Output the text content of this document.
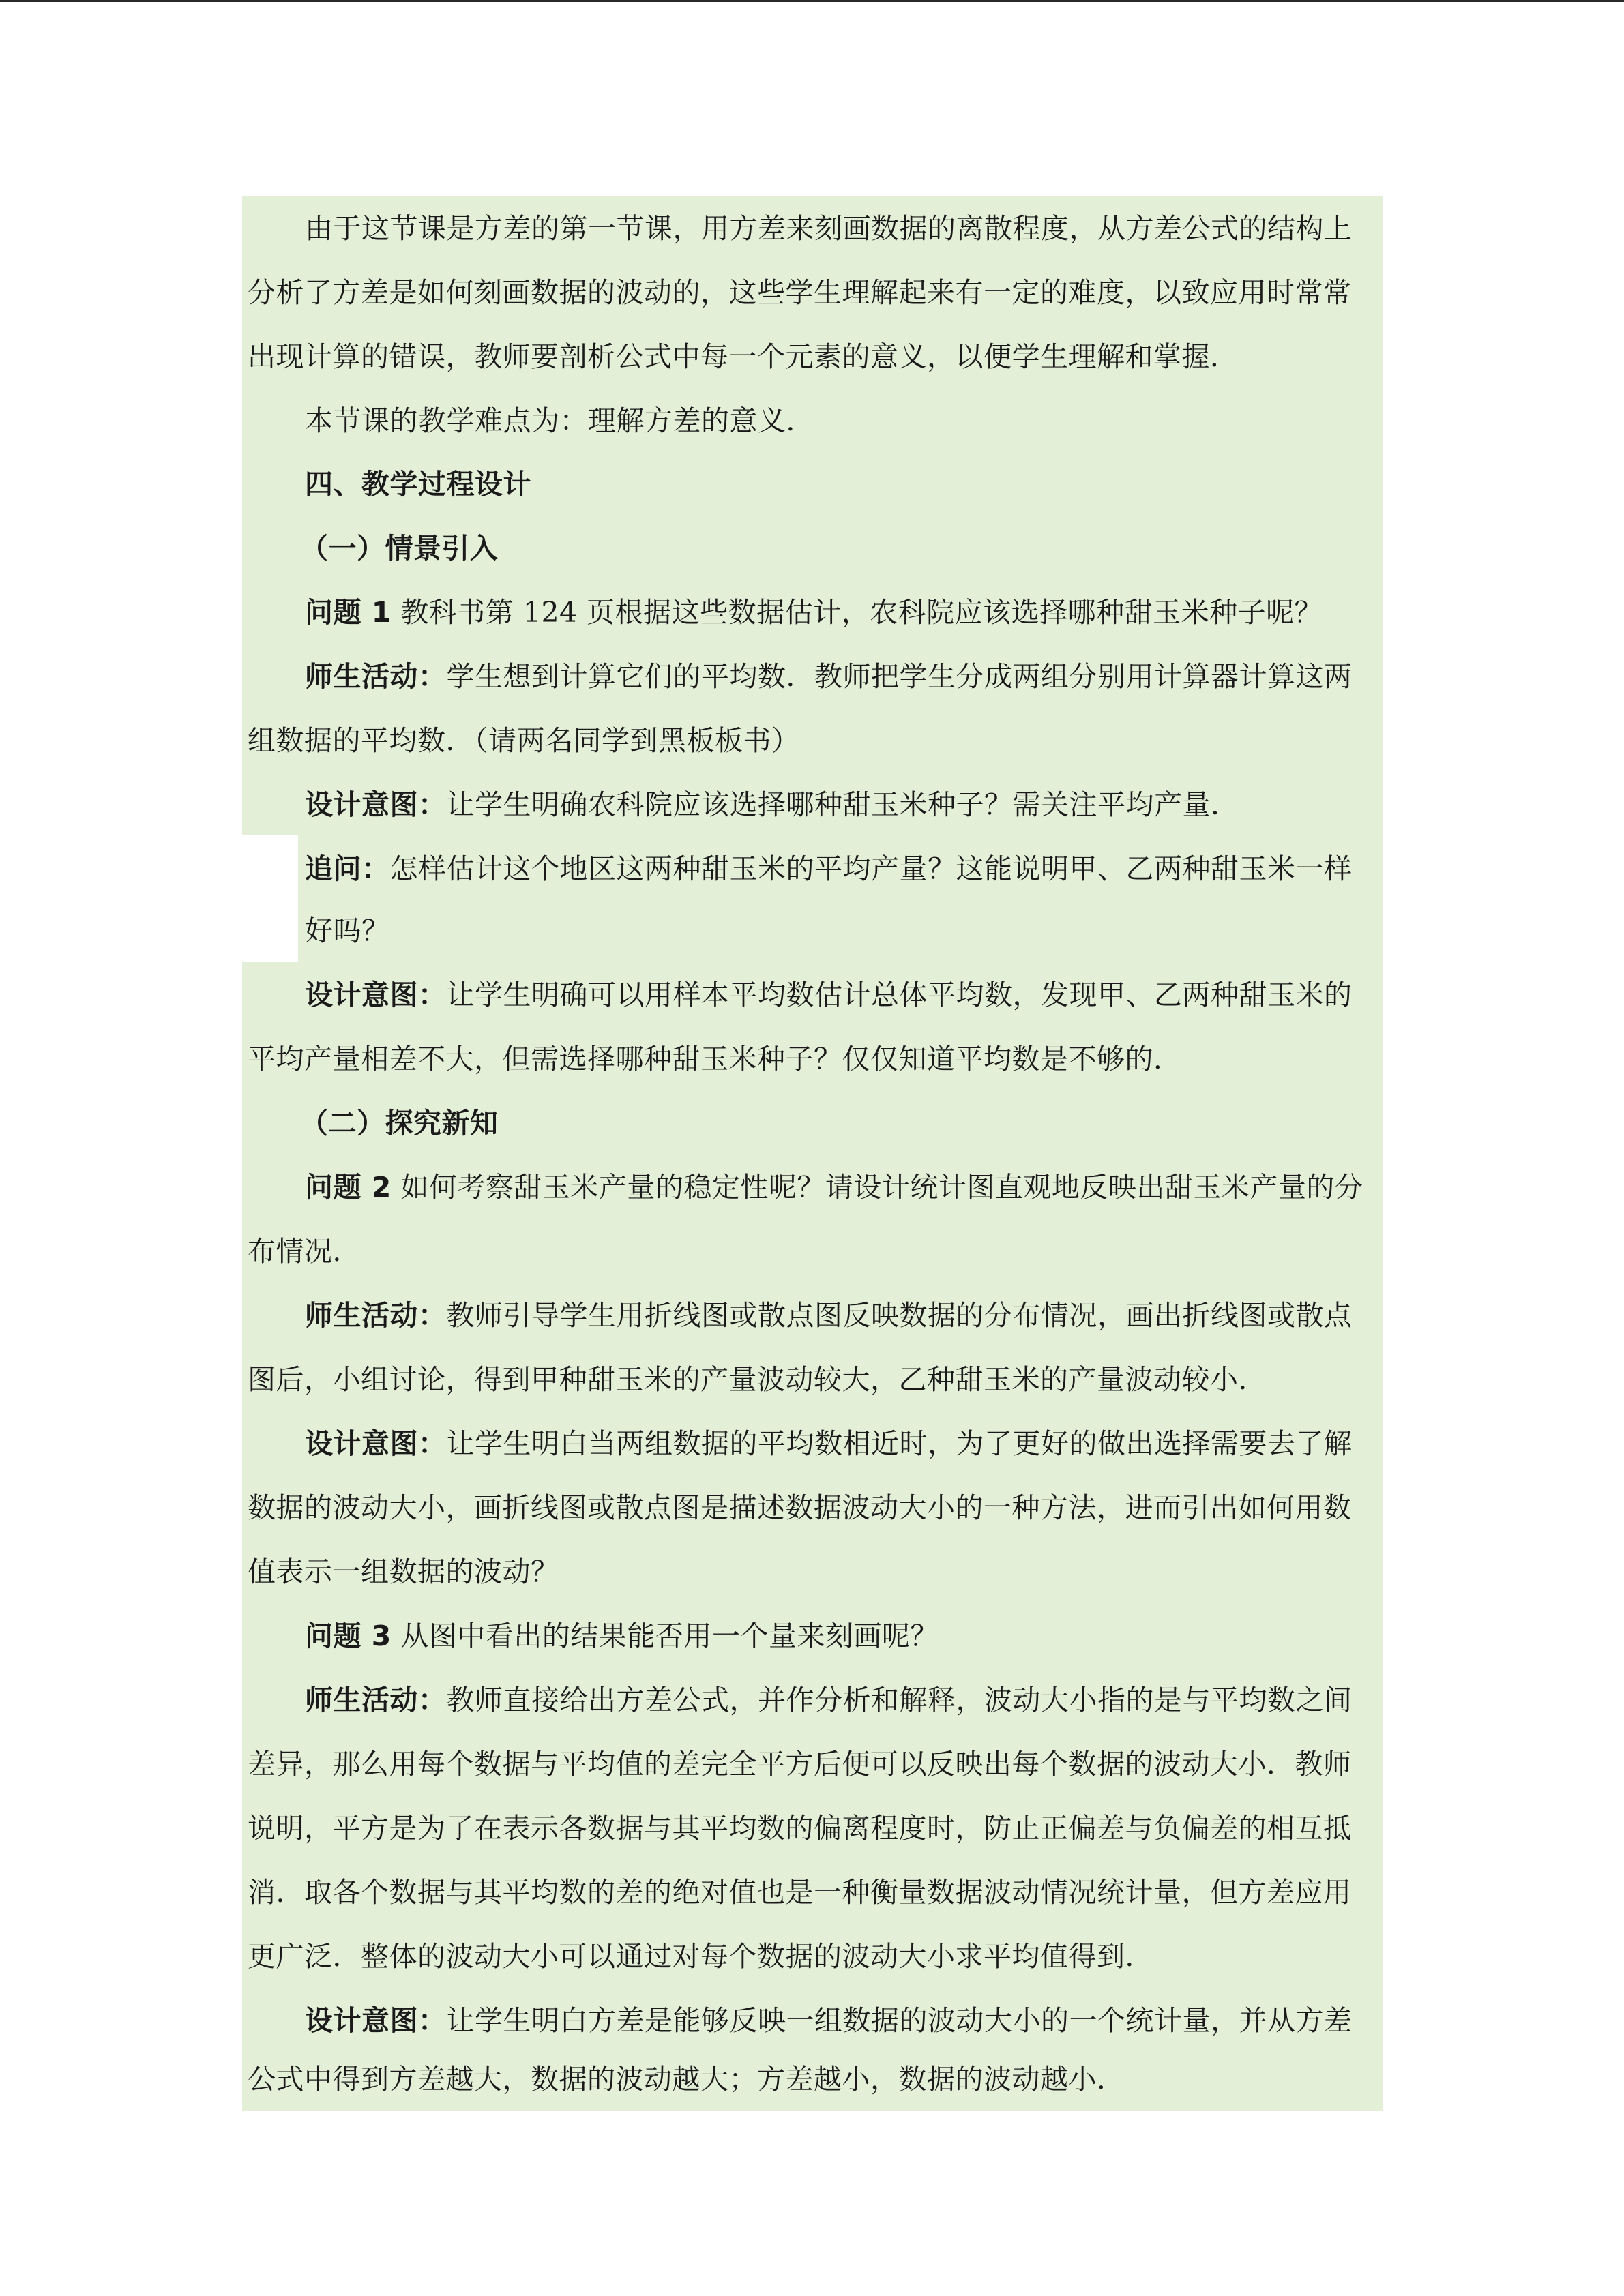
由于这节课是方差的第一节课，用方差来刻画数据的离散程度，从方差公式的结构上
分析了方差是如何刻画数据的波动的，这些学生理解起来有一定的难度，以致应用时常常
出现计算的错误，教师要剖析公式中每一个元素的意义，以便学生理解和掌握．
本节课的教学难点为：理解方差的意义．
四、教学过程设计
（一）情景引入
问题 1 教科书第 124 页根据这些数据估计，农科院应该选择哪种甜玉米种子呢？
师生活动：学生想到计算它们的平均数．教师把学生分成两组分别用计算器计算这两
组数据的平均数．（请两名同学到黑板板书）
设计意图：让学生明确农科院应该选择哪种甜玉米种子？需关注平均产量．
追问：怎样估计这个地区这两种甜玉米的平均产量？这能说明甲、乙两种甜玉米一样
好吗？
设计意图：让学生明确可以用样本平均数估计总体平均数，发现甲、乙两种甜玉米的
平均产量相差不大，但需选择哪种甜玉米种子？仅仅知道平均数是不够的．
（二）探究新知
问题 2 如何考察甜玉米产量的稳定性呢？请设计统计图直观地反映出甜玉米产量的分
布情况．
师生活动：教师引导学生用折线图或散点图反映数据的分布情况，画出折线图或散点
图后，小组讨论，得到甲种甜玉米的产量波动较大，乙种甜玉米的产量波动较小．
设计意图：让学生明白当两组数据的平均数相近时，为了更好的做出选择需要去了解
数据的波动大小，画折线图或散点图是描述数据波动大小的一种方法，进而引出如何用数
值表示一组数据的波动？
问题 3 从图中看出的结果能否用一个量来刻画呢？
师生活动：教师直接给出方差公式，并作分析和解释，波动大小指的是与平均数之间
差异，那么用每个数据与平均值的差完全平方后便可以反映出每个数据的波动大小．教师
说明，平方是为了在表示各数据与其平均数的偏离程度时，防止正偏差与负偏差的相互抵
消．取各个数据与其平均数的差的绝对值也是一种衡量数据波动情况统计量，但方差应用
更广泛．整体的波动大小可以通过对每个数据的波动大小求平均值得到．
设计意图：让学生明白方差是能够反映一组数据的波动大小的一个统计量，并从方差
公式中得到方差越大，数据的波动越大；方差越小，数据的波动越小．
